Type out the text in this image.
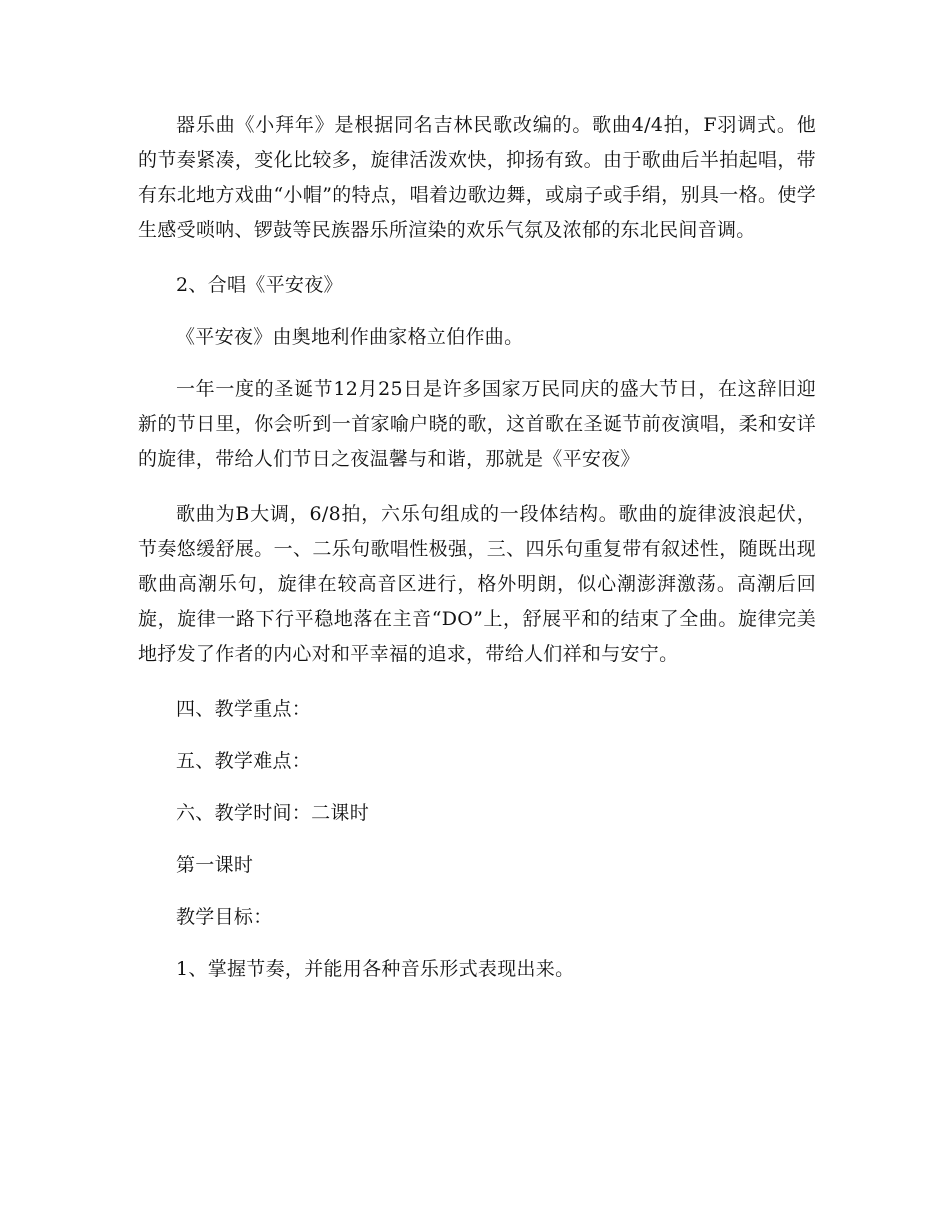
器乐曲《小拜年》是根据同名吉林民歌改编的。歌曲4/4拍，F羽调式。他的节奏紧凑，变化比较多，旋律活泼欢快，抑扬有致。由于歌曲后半拍起唱，带有东北地方戏曲“小帽”的特点，唱着边歌边舞，或扇子或手绢，别具一格。使学生感受唢呐、锣鼓等民族器乐所渲染的欢乐气氛及浓郁的东北民间音调。

2、合唱《平安夜》

《平安夜》由奥地利作曲家格立伯作曲。

一年一度的圣诞节12月25日是许多国家万民同庆的盛大节日，在这辞旧迎新的节日里，你会听到一首家喻户晓的歌，这首歌在圣诞节前夜演唱，柔和安详的旋律，带给人们节日之夜温馨与和谐，那就是《平安夜》

歌曲为B大调，6/8拍，六乐句组成的一段体结构。歌曲的旋律波浪起伏，节奏悠缓舒展。一、二乐句歌唱性极强，三、四乐句重复带有叙述性，随既出现歌曲高潮乐句，旋律在较高音区进行，格外明朗，似心潮澎湃激荡。高潮后回旋，旋律一路下行平稳地落在主音“DO”上，舒展平和的结束了全曲。旋律完美地抒发了作者的内心对和平幸福的追求，带给人们祥和与安宁。

四、教学重点：

五、教学难点：

六、教学时间：二课时

第一课时

教学目标：

1、掌握节奏，并能用各种音乐形式表现出来。
